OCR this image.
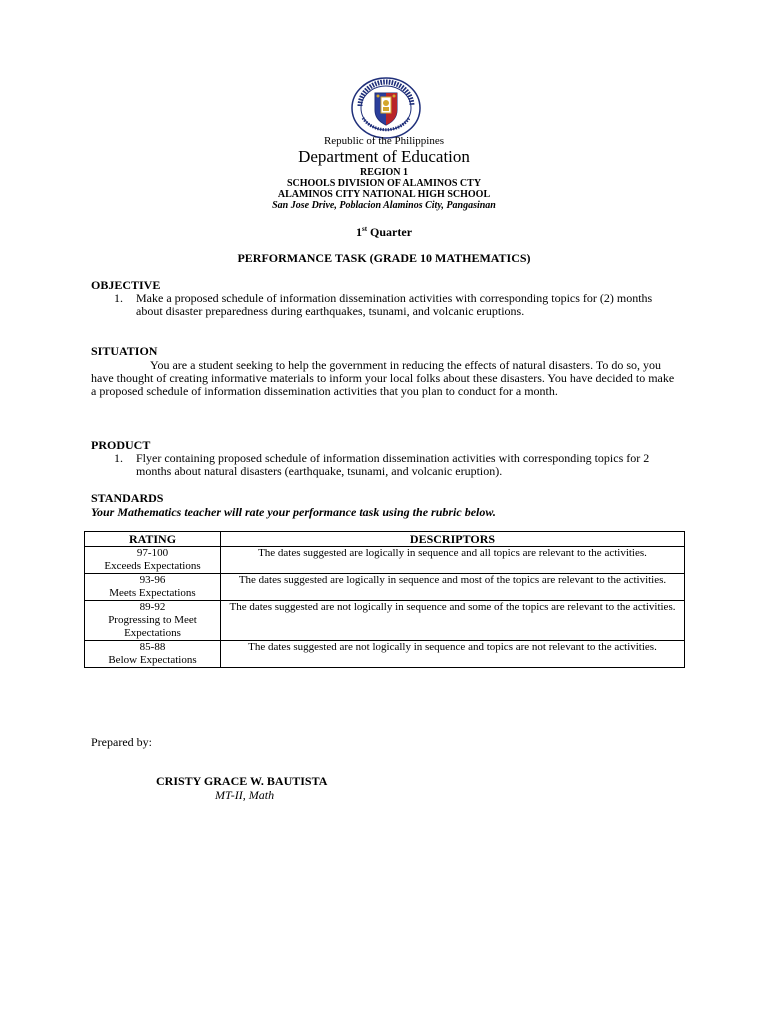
Republic of the Philippines
Department of Education
REGION 1
SCHOOLS DIVISION OF ALAMINOS CTY
ALAMINOS CITY NATIONAL HIGH SCHOOL
San Jose Drive, Poblacion Alaminos City, Pangasinan
1st Quarter
PERFORMANCE TASK (GRADE 10 MATHEMATICS)
OBJECTIVE
1. Make a proposed schedule of information dissemination activities with corresponding topics for (2) months about disaster preparedness during earthquakes, tsunami, and volcanic eruptions.
SITUATION
You are a student seeking to help the government in reducing the effects of natural disasters. To do so, you have thought of creating informative materials to inform your local folks about these disasters. You have decided to make a proposed schedule of information dissemination activities that you plan to conduct for a month.
PRODUCT
1. Flyer containing proposed schedule of information dissemination activities with corresponding topics for 2 months about natural disasters (earthquake, tsunami, and volcanic eruption).
STANDARDS
Your Mathematics teacher will rate your performance task using the rubric below.
RATING	DESCRIPTORS

97-100
Exceeds Expectations	The dates suggested are logically in sequence and all topics are relevant to the activities.

93-96
Meets Expectations	The dates suggested are logically in sequence and most of the topics are relevant to the activities.

89-92
Progressing to Meet Expectations	The dates suggested are not logically in sequence and some of the topics are relevant to the activities.

85-88
Below Expectations	The dates suggested are not logically in sequence and topics are not relevant to the activities.
Prepared by:
CRISTY GRACE W. BAUTISTA
MT-II, Math
